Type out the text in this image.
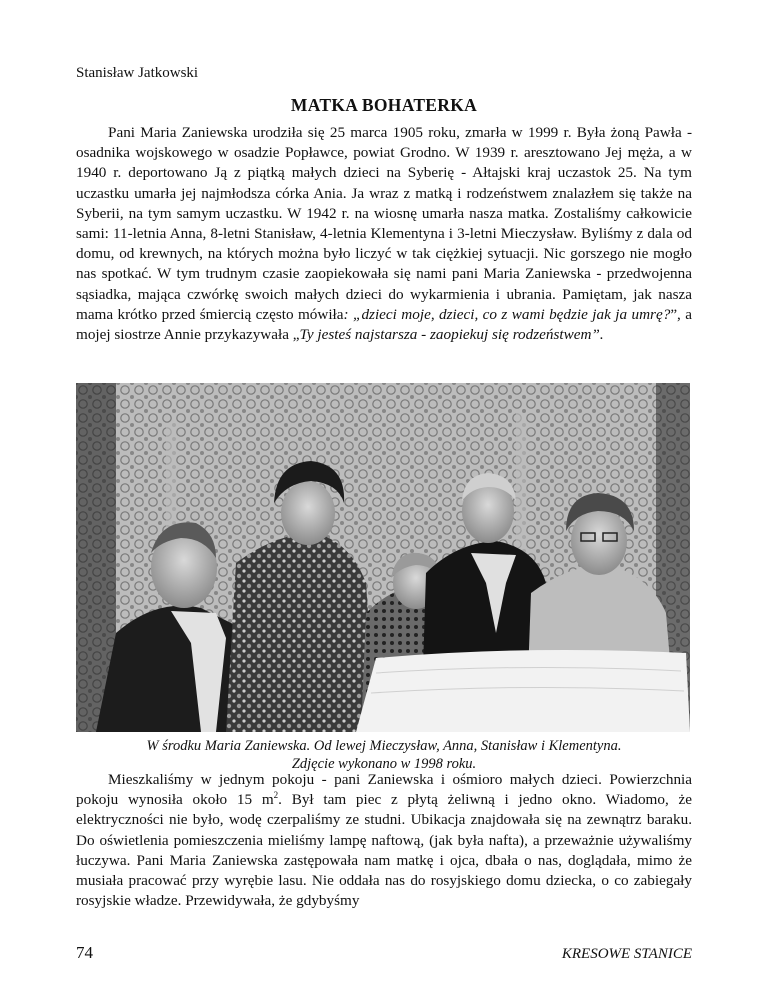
Stanisław Jatkowski
MATKA BOHATERKA

Pani Maria Zaniewska urodziła się 25 marca 1905 roku, zmarła w 1999 r. Była żoną Pawła - osadnika wojskowego w osadzie Popławce, powiat Grodno. W 1939 r. aresztowano Jej męża, a w 1940 r. deportowano Ją z piątką małych dzieci na Syberię - Ałtajski kraj uczastok 25. Na tym uczastku umarła jej najmłodsza córka Ania. Ja wraz z matką i rodzeństwem znalazłem się także na Syberii, na tym samym uczastku. W 1942 r. na wiosnę umarła nasza matka. Zostaliśmy całkowicie sami: 11-letnia Anna, 8-letni Stanisław, 4-letnia Klementyna i 3-letni Mieczysław. Byliśmy z dala od domu, od krewnych, na których można było liczyć w tak ciężkiej sytuacji. Nic gorszego nie mogło nas spotkać. W tym trudnym czasie zaopiekowała się nami pani Maria Zaniewska - przedwojenna sąsiadka, mająca czwórkę swoich małych dzieci do wykarmienia i ubrania. Pamiętam, jak nasza mama krótko przed śmiercią często mówiła: „dzieci moje, dzieci, co z wami będzie jak ja umrę?”, a mojej siostrze Annie przykazywała „Ty jesteś najstarsza - zaopiekuj się rodzeństwem”.

W środku Maria Zaniewska. Od lewej Mieczysław, Anna, Stanisław i Klementyna.
Zdjęcie wykonano w 1998 roku.

Mieszkaliśmy w jednym pokoju - pani Zaniewska i ośmioro małych dzieci. Powierzchnia pokoju wynosiła około 15 $m^2$. Był tam piec z płytą żeliwną i jedno okno. Wiadomo, że elektryczności nie było, wodę czerpaliśmy ze studni. Ubikacja znajdowała się na zewnątrz baraku. Do oświetlenia pomieszczenia mieliśmy lampę naftową, (jak była nafta), a przeważnie używaliśmy łuczywa. Pani Maria Zaniewska zastępowała nam matkę i ojca, dbała o nas, doglądała, mimo że musiała pracować przy wyrębie lasu. Nie oddała nas do rosyjskiego domu dziecka, o co zabiegały rosyjskie władze. Przewidywała, że gdybyśmy

74	KRESOWE STANICE
